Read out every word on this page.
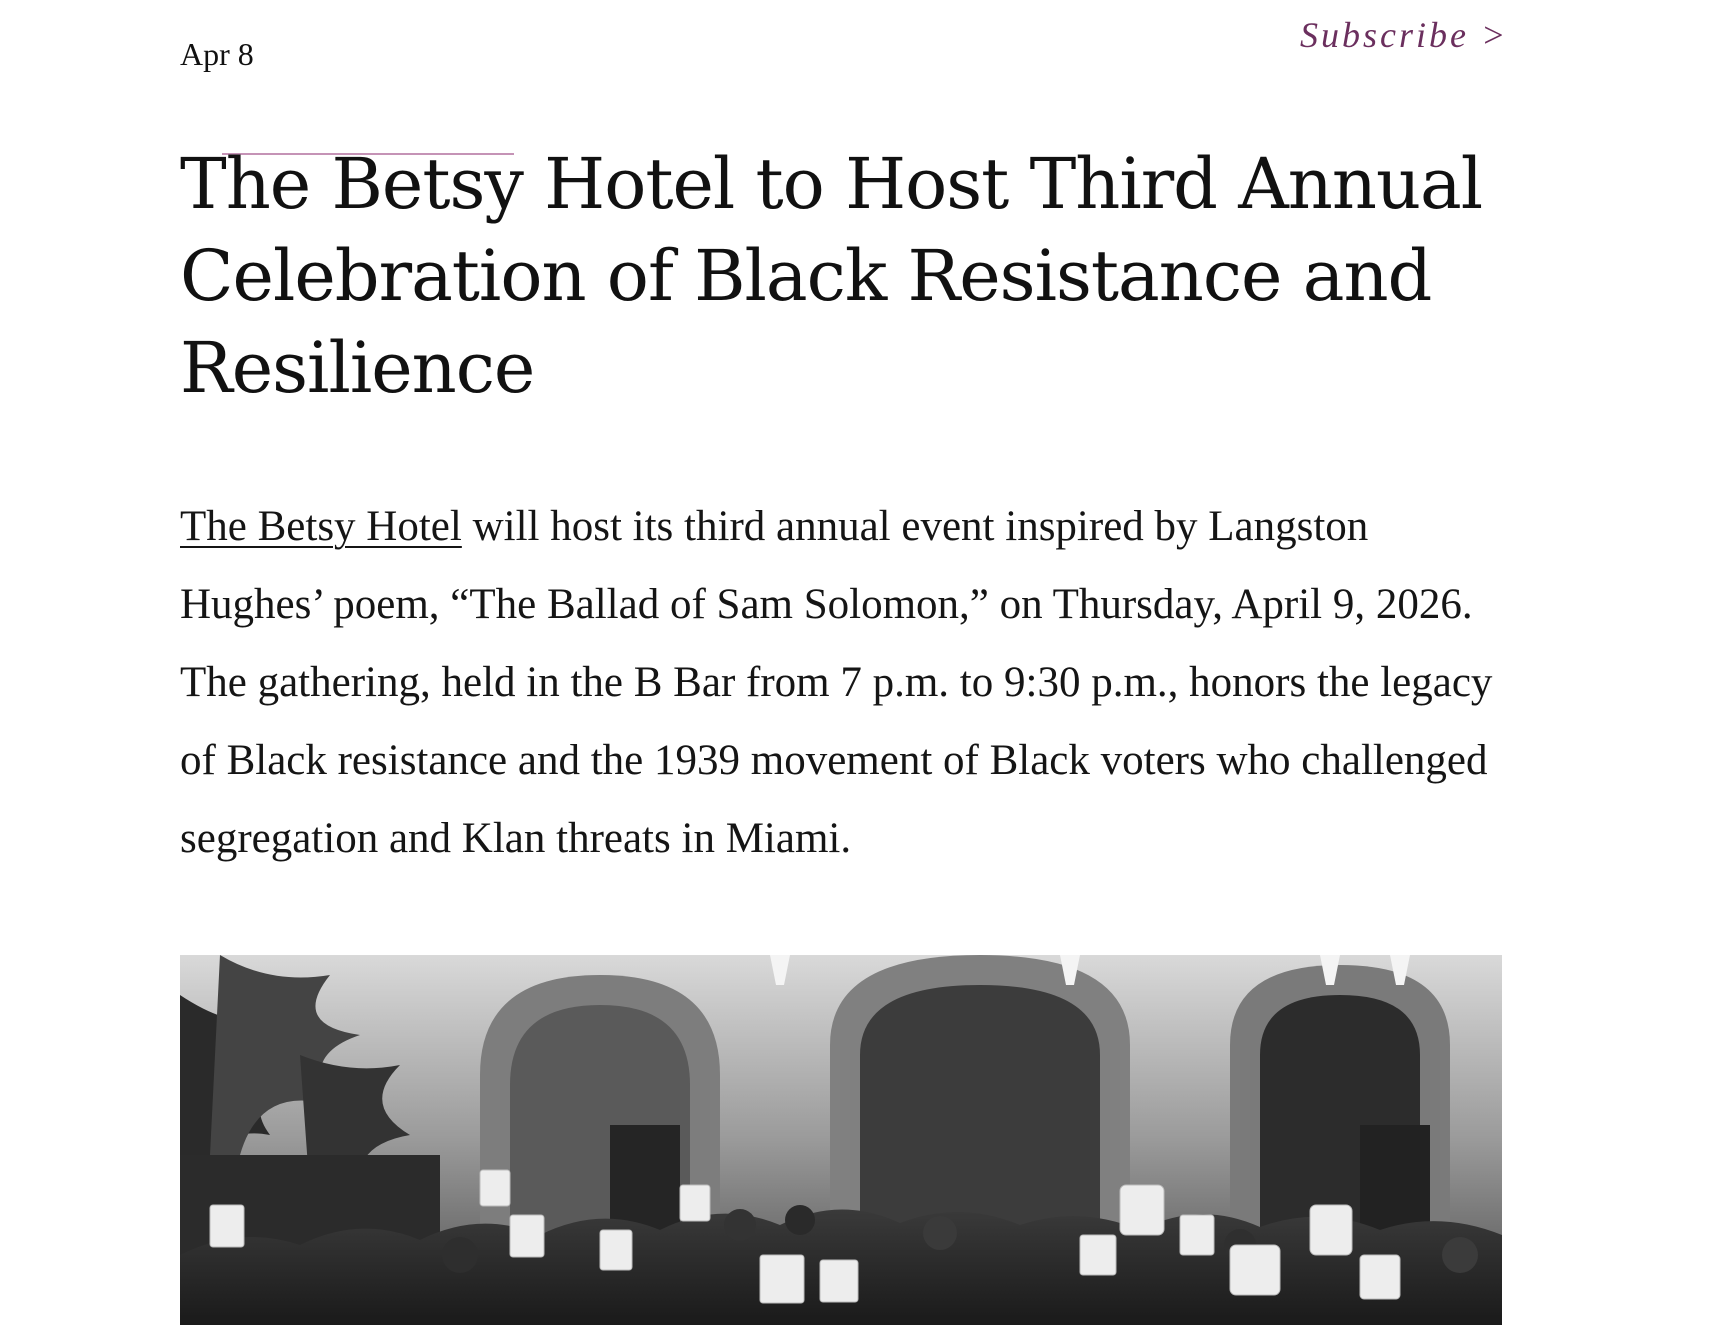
Apr 8	Subscribe >
The Betsy Hotel to Host Third Annual Celebration of Black Resistance and Resilience

The Betsy Hotel will host its third annual event inspired by Langston Hughes’ poem, “The Ballad of Sam Solomon,” on Thursday, April 9, 2026. The gathering, held in the B Bar from 7 p.m. to 9:30 p.m., honors the legacy of Black resistance and the 1939 movement of Black voters who challenged segregation and Klan threats in Miami.
